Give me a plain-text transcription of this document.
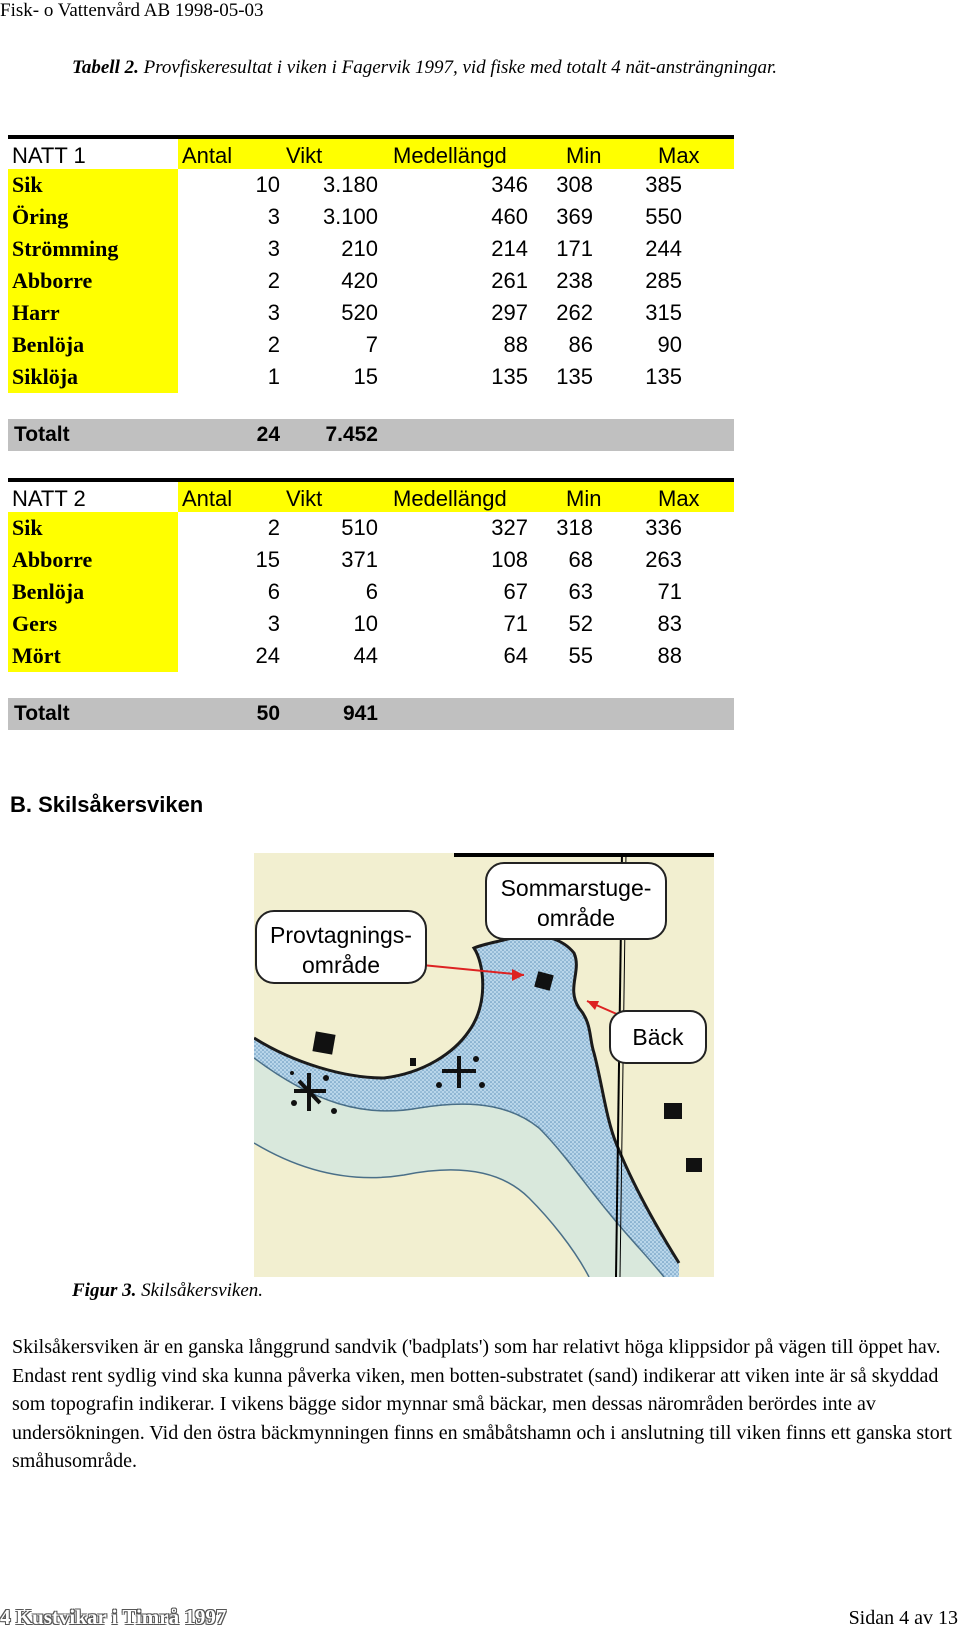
Fisk- o Vattenvård AB 1998-05-03
Tabell 2. Provfiskeresultat i viken i Fagervik 1997, vid fiske med totalt 4 nät-ansträngningar.
NATT 1	Antal Vikt	Medellängd	Min	Max
Sik	10	3.180	346	308	385
Öring	3	3.100	460	369	550
Strömming	3	210	214	171	244
Abborre	2	420	261	238	285
Harr	3	520	297	262	315
Benlöja	2	7	88	86	90
Siklöja	1	15	135	135	135
Totalt	24	7.452
NATT 2	Antal Vikt	Medellängd	Min	Max
Sik	2	510	327	318	336
Abborre	15	371	108	68	263
Benlöja	6	6	67	63	71
Gers	3	10	71	52	83
Mört	24	44	64	55	88
Totalt	50	941
B. Skilsåkersviken
Sommarstuge-
område
Provtagnings-
område
Bäck
Figur 3. Skilsåkersviken.
Skilsåkersviken är en ganska långgrund sandvik ('badplats') som har relativt höga klippsidor på vägen till öppet hav. Endast rent sydlig vind ska kunna påverka viken, men botten-substratet (sand) indikerar att viken inte är så skyddad som topografin indikerar. I vikens bägge sidor mynnar små bäckar, men dessas närområden berördes inte av undersökningen. Vid den östra bäckmynningen finns en småbåtshamn och i anslutning till viken finns ett ganska stort småhusområde.
4 Kustvikar i Timrå 1997	Sidan 4 av 13
